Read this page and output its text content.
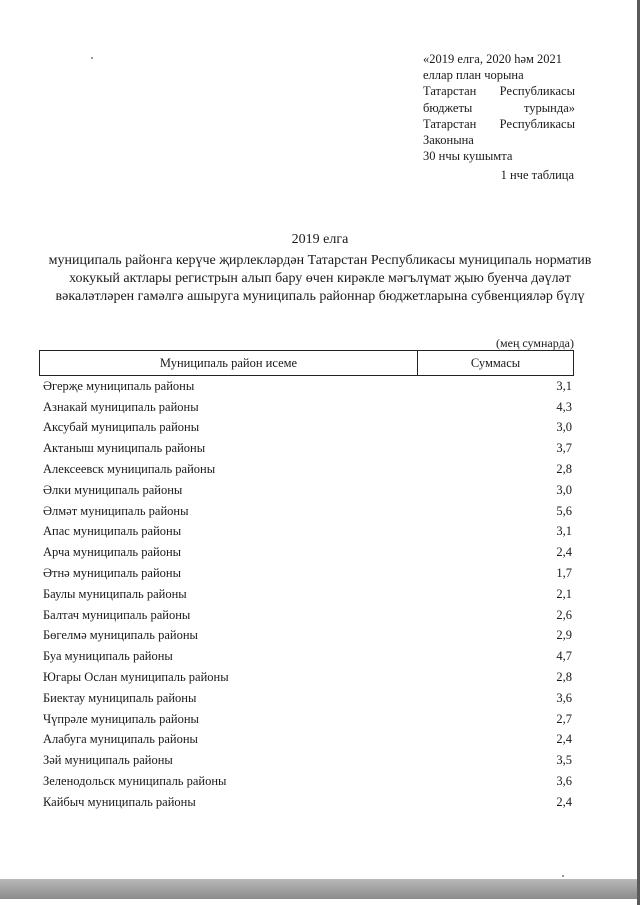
«2019 елга, 2020 һәм 2021
еллар план чорына
Татарстан Республикасы
бюджеты	турында»
Татарстан Республикасы
Законына
30 нчы кушымта
1 нче таблица
2019 елга
муниципаль районга керүче җирлекләрдән Татарстан Республикасы муниципаль норматив хокукый актлары регистрын алып бару өчен кирәкле мәгълүмат җыю буенча дәүләт вәкаләтләрен гамәлгә ашыруга муниципаль районнар бюджетларына субвенцияләр бүлү
(мең сумнарда)
Муниципаль район исеме	Суммасы
Әгерҗе муниципаль районы	3,1
Азнакай муниципаль районы	4,3
Аксубай муниципаль районы	3,0
Актаныш муниципаль районы	3,7
Алексеевск муниципаль районы	2,8
Әлки муниципаль районы	3,0
Әлмәт муниципаль районы	5,6
Апас муниципаль районы	3,1
Арча муниципаль районы	2,4
Әтнә муниципаль районы	1,7
Баулы муниципаль районы	2,1
Балтач муниципаль районы	2,6
Бөгелмә муниципаль районы	2,9
Буа муниципаль районы	4,7
Югары Ослан муниципаль районы	2,8
Биектау муниципаль районы	3,6
Чүпрәле муниципаль районы	2,7
Алабуга муниципаль районы	2,4
Зәй муниципаль районы	3,5
Зеленодольск муниципаль районы	3,6
Кайбыч муниципаль районы	2,4
